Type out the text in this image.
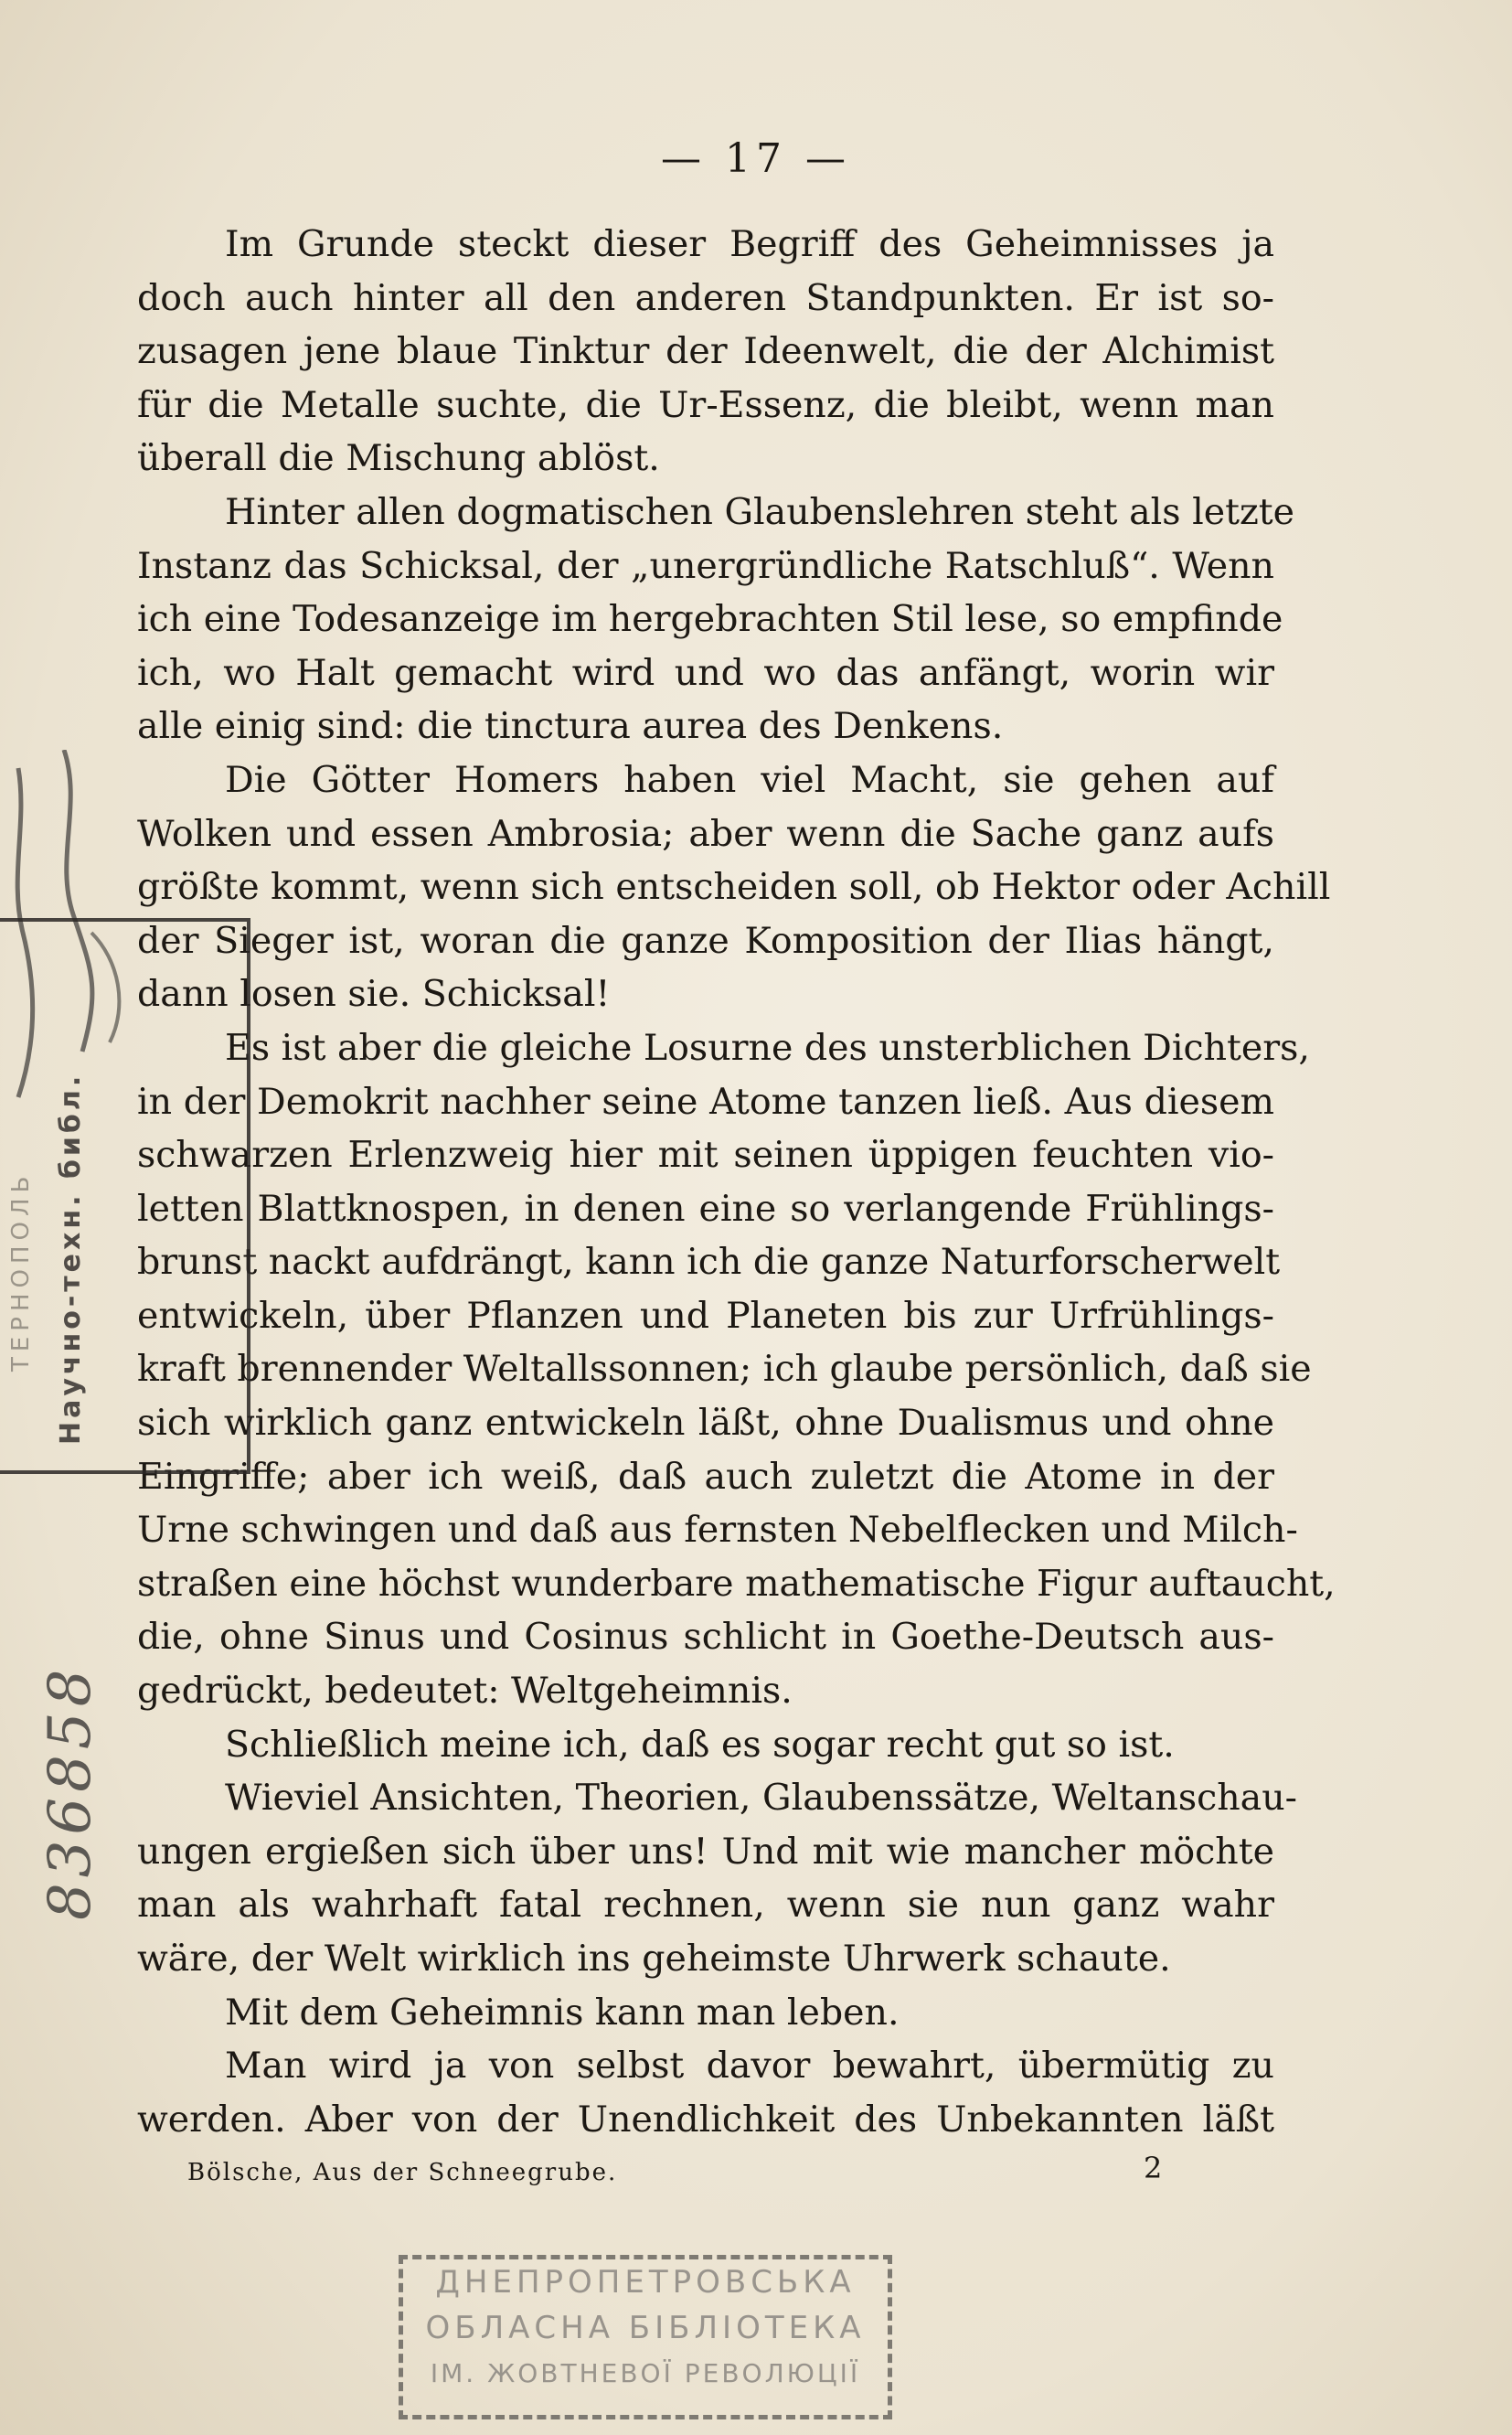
— 17 —
Im Grunde steckt dieser Begriff des Geheimnisses ja
doch auch hinter all den anderen Standpunkten. Er ist so-
zusagen jene blaue Tinktur der Ideenwelt, die der Alchimist
für die Metalle suchte, die Ur-Essenz, die bleibt, wenn man
überall die Mischung ablöst.
Hinter allen dogmatischen Glaubenslehren steht als letzte
Instanz das Schicksal, der „unergründliche Ratschluß“. Wenn
ich eine Todesanzeige im hergebrachten Stil lese, so empfinde
ich, wo Halt gemacht wird und wo das anfängt, worin wir
alle einig sind: die tinctura aurea des Denkens.
Die Götter Homers haben viel Macht, sie gehen auf
Wolken und essen Ambrosia; aber wenn die Sache ganz aufs
größte kommt, wenn sich entscheiden soll, ob Hektor oder Achill
der Sieger ist, woran die ganze Komposition der Ilias hängt,
dann losen sie. Schicksal!
Es ist aber die gleiche Losurne des unsterblichen Dichters,
in der Demokrit nachher seine Atome tanzen ließ. Aus diesem
schwarzen Erlenzweig hier mit seinen üppigen feuchten vio-
letten Blattknospen, in denen eine so verlangende Frühlings-
brunst nackt aufdrängt, kann ich die ganze Naturforscherwelt
entwickeln, über Pflanzen und Planeten bis zur Urfrühlings-
kraft brennender Weltallssonnen; ich glaube persönlich, daß sie
sich wirklich ganz entwickeln läßt, ohne Dualismus und ohne
Eingriffe; aber ich weiß, daß auch zuletzt die Atome in der
Urne schwingen und daß aus fernsten Nebelflecken und Milch-
straßen eine höchst wunderbare mathematische Figur auftaucht,
die, ohne Sinus und Cosinus schlicht in Goethe-Deutsch aus-
gedrückt, bedeutet: Weltgeheimnis.
Schließlich meine ich, daß es sogar recht gut so ist.
Wieviel Ansichten, Theorien, Glaubenssätze, Weltanschau-
ungen ergießen sich über uns! Und mit wie mancher möchte
man als wahrhaft fatal rechnen, wenn sie nun ganz wahr
wäre, der Welt wirklich ins geheimste Uhrwerk schaute.
Mit dem Geheimnis kann man leben.
Man wird ja von selbst davor bewahrt, übermütig zu
werden. Aber von der Unendlichkeit des Unbekannten läßt
Bölsche, Aus der Schneegrube.	2
Научно-техн. библ.
ТЕРНОПОЛЬ
836858
ДНЕПРОПЕТРОВСЬКА
ОБЛАСНА БІБЛІОТЕКА
ІМ. ЖОВТНЕВОЇ РЕВОЛЮЦІЇ
